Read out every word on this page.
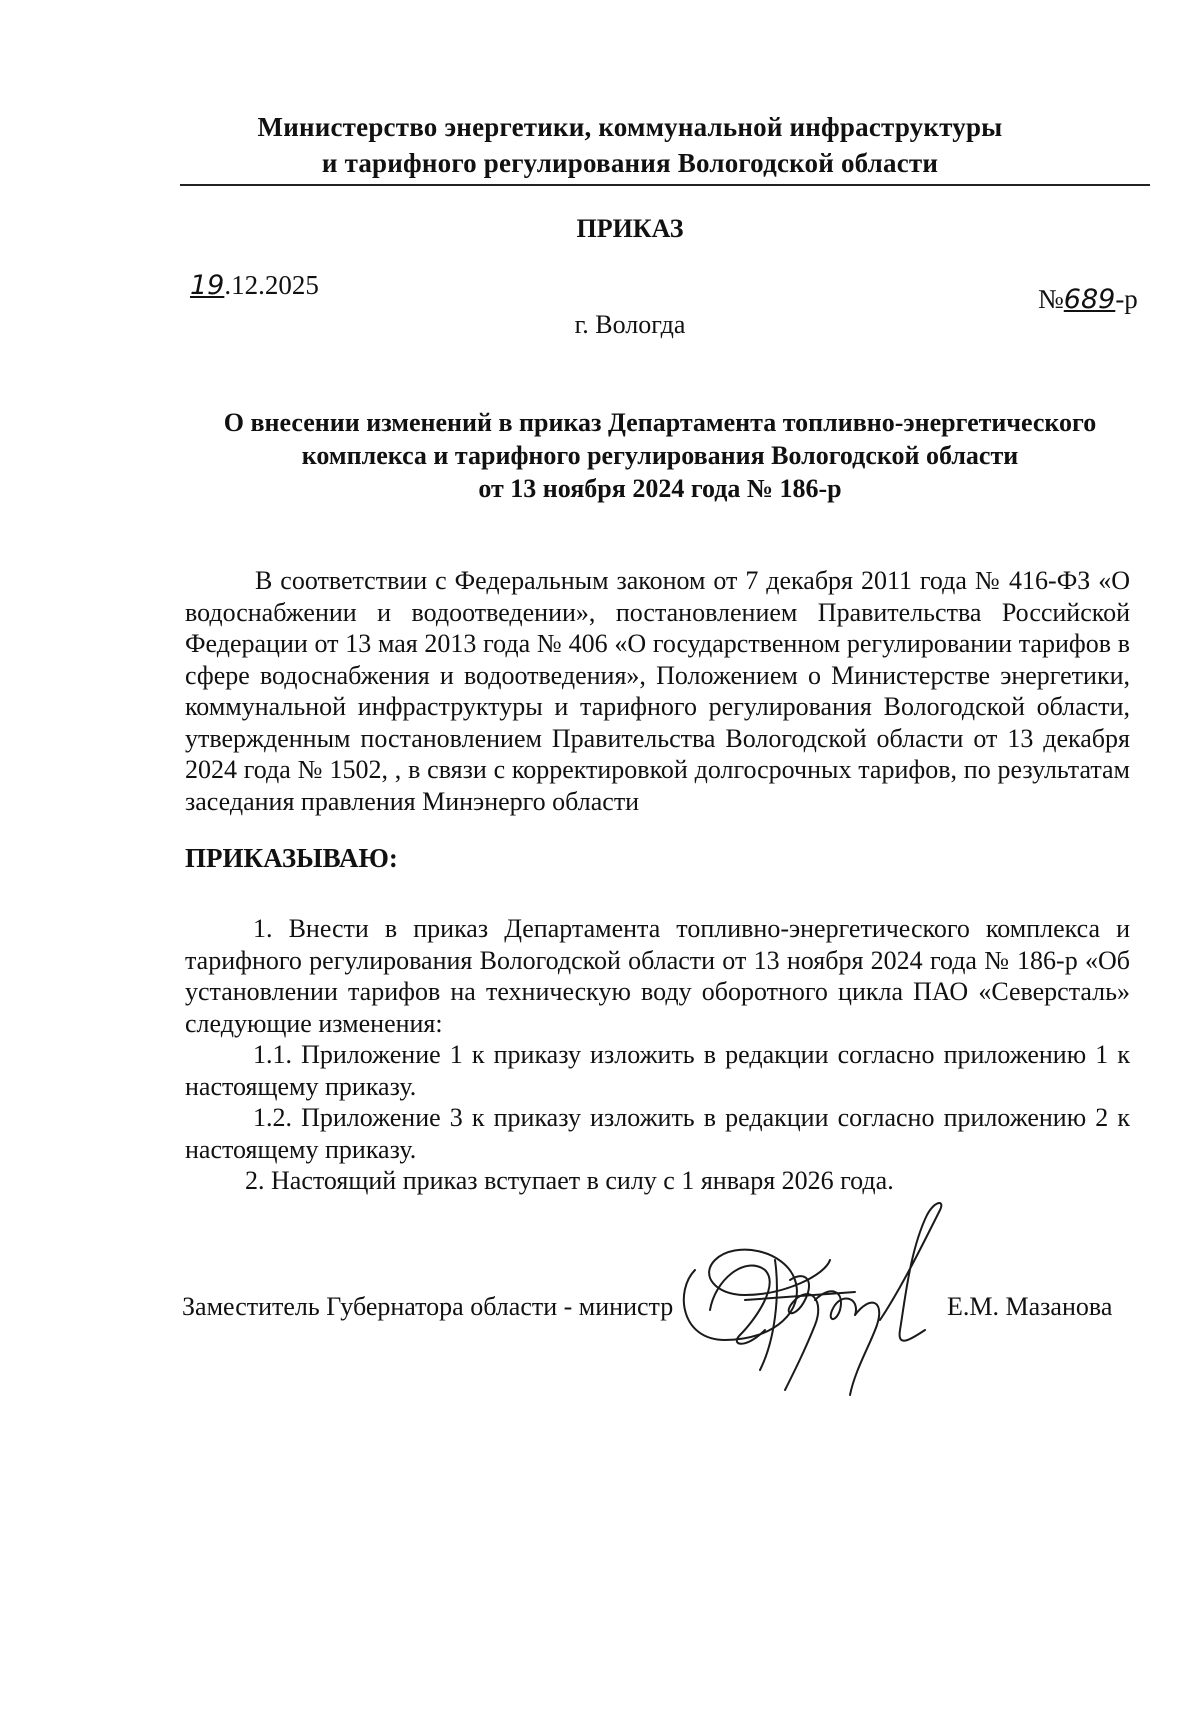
Министерство энергетики, коммунальной инфраструктуры
и тарифного регулирования Вологодской области
ПРИКАЗ
19.12.2025	№689-р
г. Вологда
О внесении изменений в приказ Департамента топливно-энергетического
комплекса и тарифного регулирования Вологодской области
от 13 ноября 2024 года № 186-р
В соответствии с Федеральным законом от 7 декабря 2011 года № 416-ФЗ «О водоснабжении и водоотведении», постановлением Правительства Российской Федерации от 13 мая 2013 года № 406 «О государственном регулировании тарифов в сфере водоснабжения и водоотведения», Положением о Министерстве энергетики, коммунальной инфраструктуры и тарифного регулирования Вологодской области, утвержденным постановлением Правительства Вологодской области от 13 декабря 2024 года № 1502, , в связи с корректировкой долгосрочных тарифов, по результатам заседания правления Минэнерго области
ПРИКАЗЫВАЮ:
1. Внести в приказ Департамента топливно-энергетического комплекса и тарифного регулирования Вологодской области от 13 ноября 2024 года № 186-р «Об установлении тарифов на техническую воду оборотного цикла ПАО «Северсталь» следующие изменения:
1.1. Приложение 1 к приказу изложить в редакции согласно приложению 1 к настоящему приказу.
1.2. Приложение 3 к приказу изложить в редакции согласно приложению 2 к настоящему приказу.
2. Настоящий приказ вступает в силу с 1 января 2026 года.
Заместитель Губернатора области - министр	Е.М. Мазанова
